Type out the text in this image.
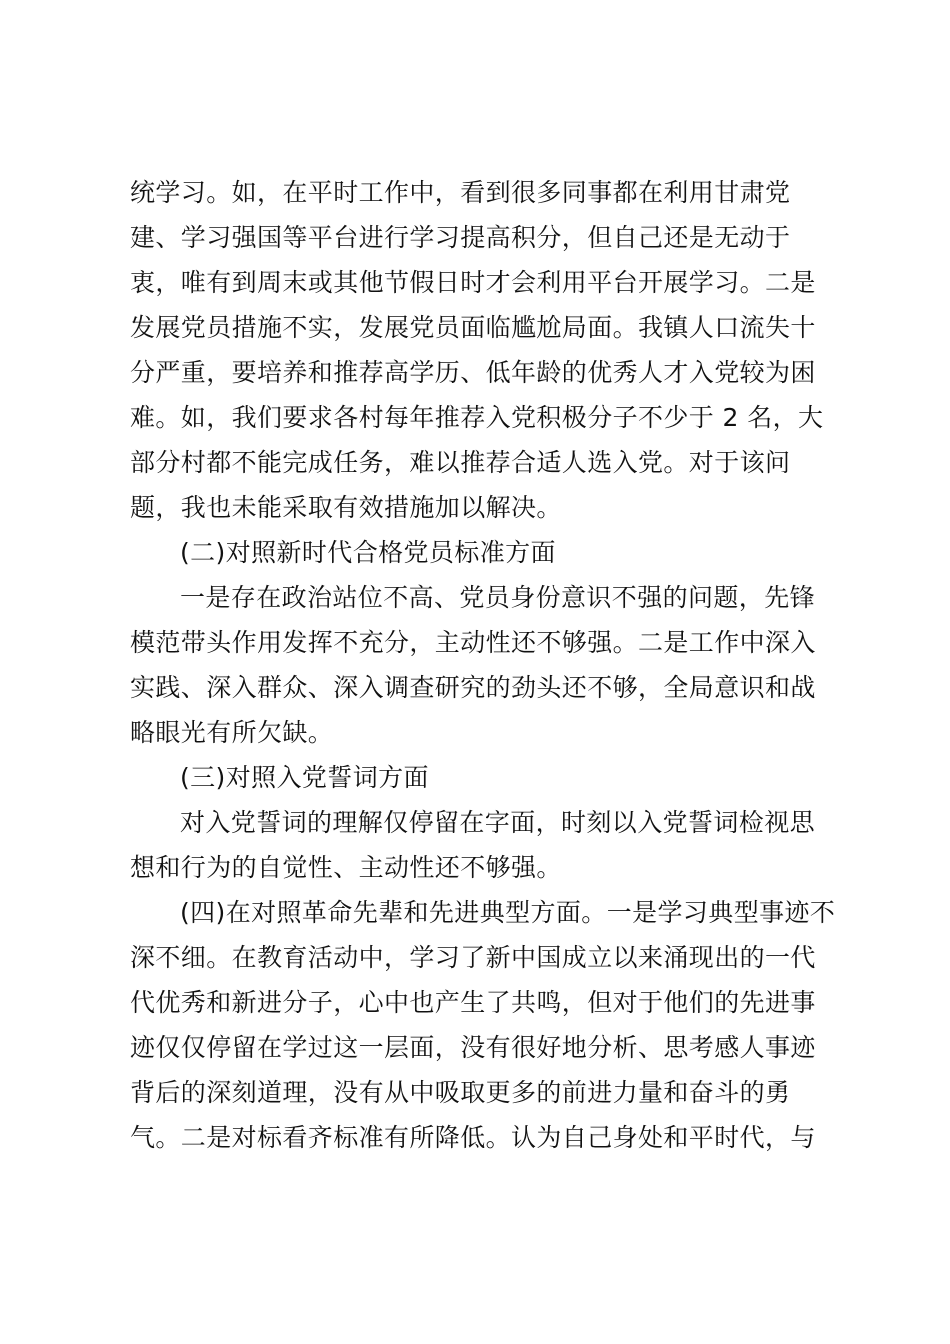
统学习。如，在平时工作中，看到很多同事都在利用甘肃党
建、学习强国等平台进行学习提高积分，但自己还是无动于
衷，唯有到周末或其他节假日时才会利用平台开展学习。二是
发展党员措施不实，发展党员面临尴尬局面。我镇人口流失十
分严重，要培养和推荐高学历、低年龄的优秀人才入党较为困
难。如，我们要求各村每年推荐入党积极分子不少于 2 名，大
部分村都不能完成任务，难以推荐合适人选入党。对于该问
题，我也未能采取有效措施加以解决。
(二)对照新时代合格党员标准方面
一是存在政治站位不高、党员身份意识不强的问题，先锋
模范带头作用发挥不充分，主动性还不够强。二是工作中深入
实践、深入群众、深入调查研究的劲头还不够，全局意识和战
略眼光有所欠缺。
(三)对照入党誓词方面
对入党誓词的理解仅停留在字面，时刻以入党誓词检视思
想和行为的自觉性、主动性还不够强。
(四)在对照革命先辈和先进典型方面。一是学习典型事迹不
深不细。在教育活动中，学习了新中国成立以来涌现出的一代
代优秀和新进分子，心中也产生了共鸣，但对于他们的先进事
迹仅仅停留在学过这一层面，没有很好地分析、思考感人事迹
背后的深刻道理，没有从中吸取更多的前进力量和奋斗的勇
气。二是对标看齐标准有所降低。认为自己身处和平时代，与
